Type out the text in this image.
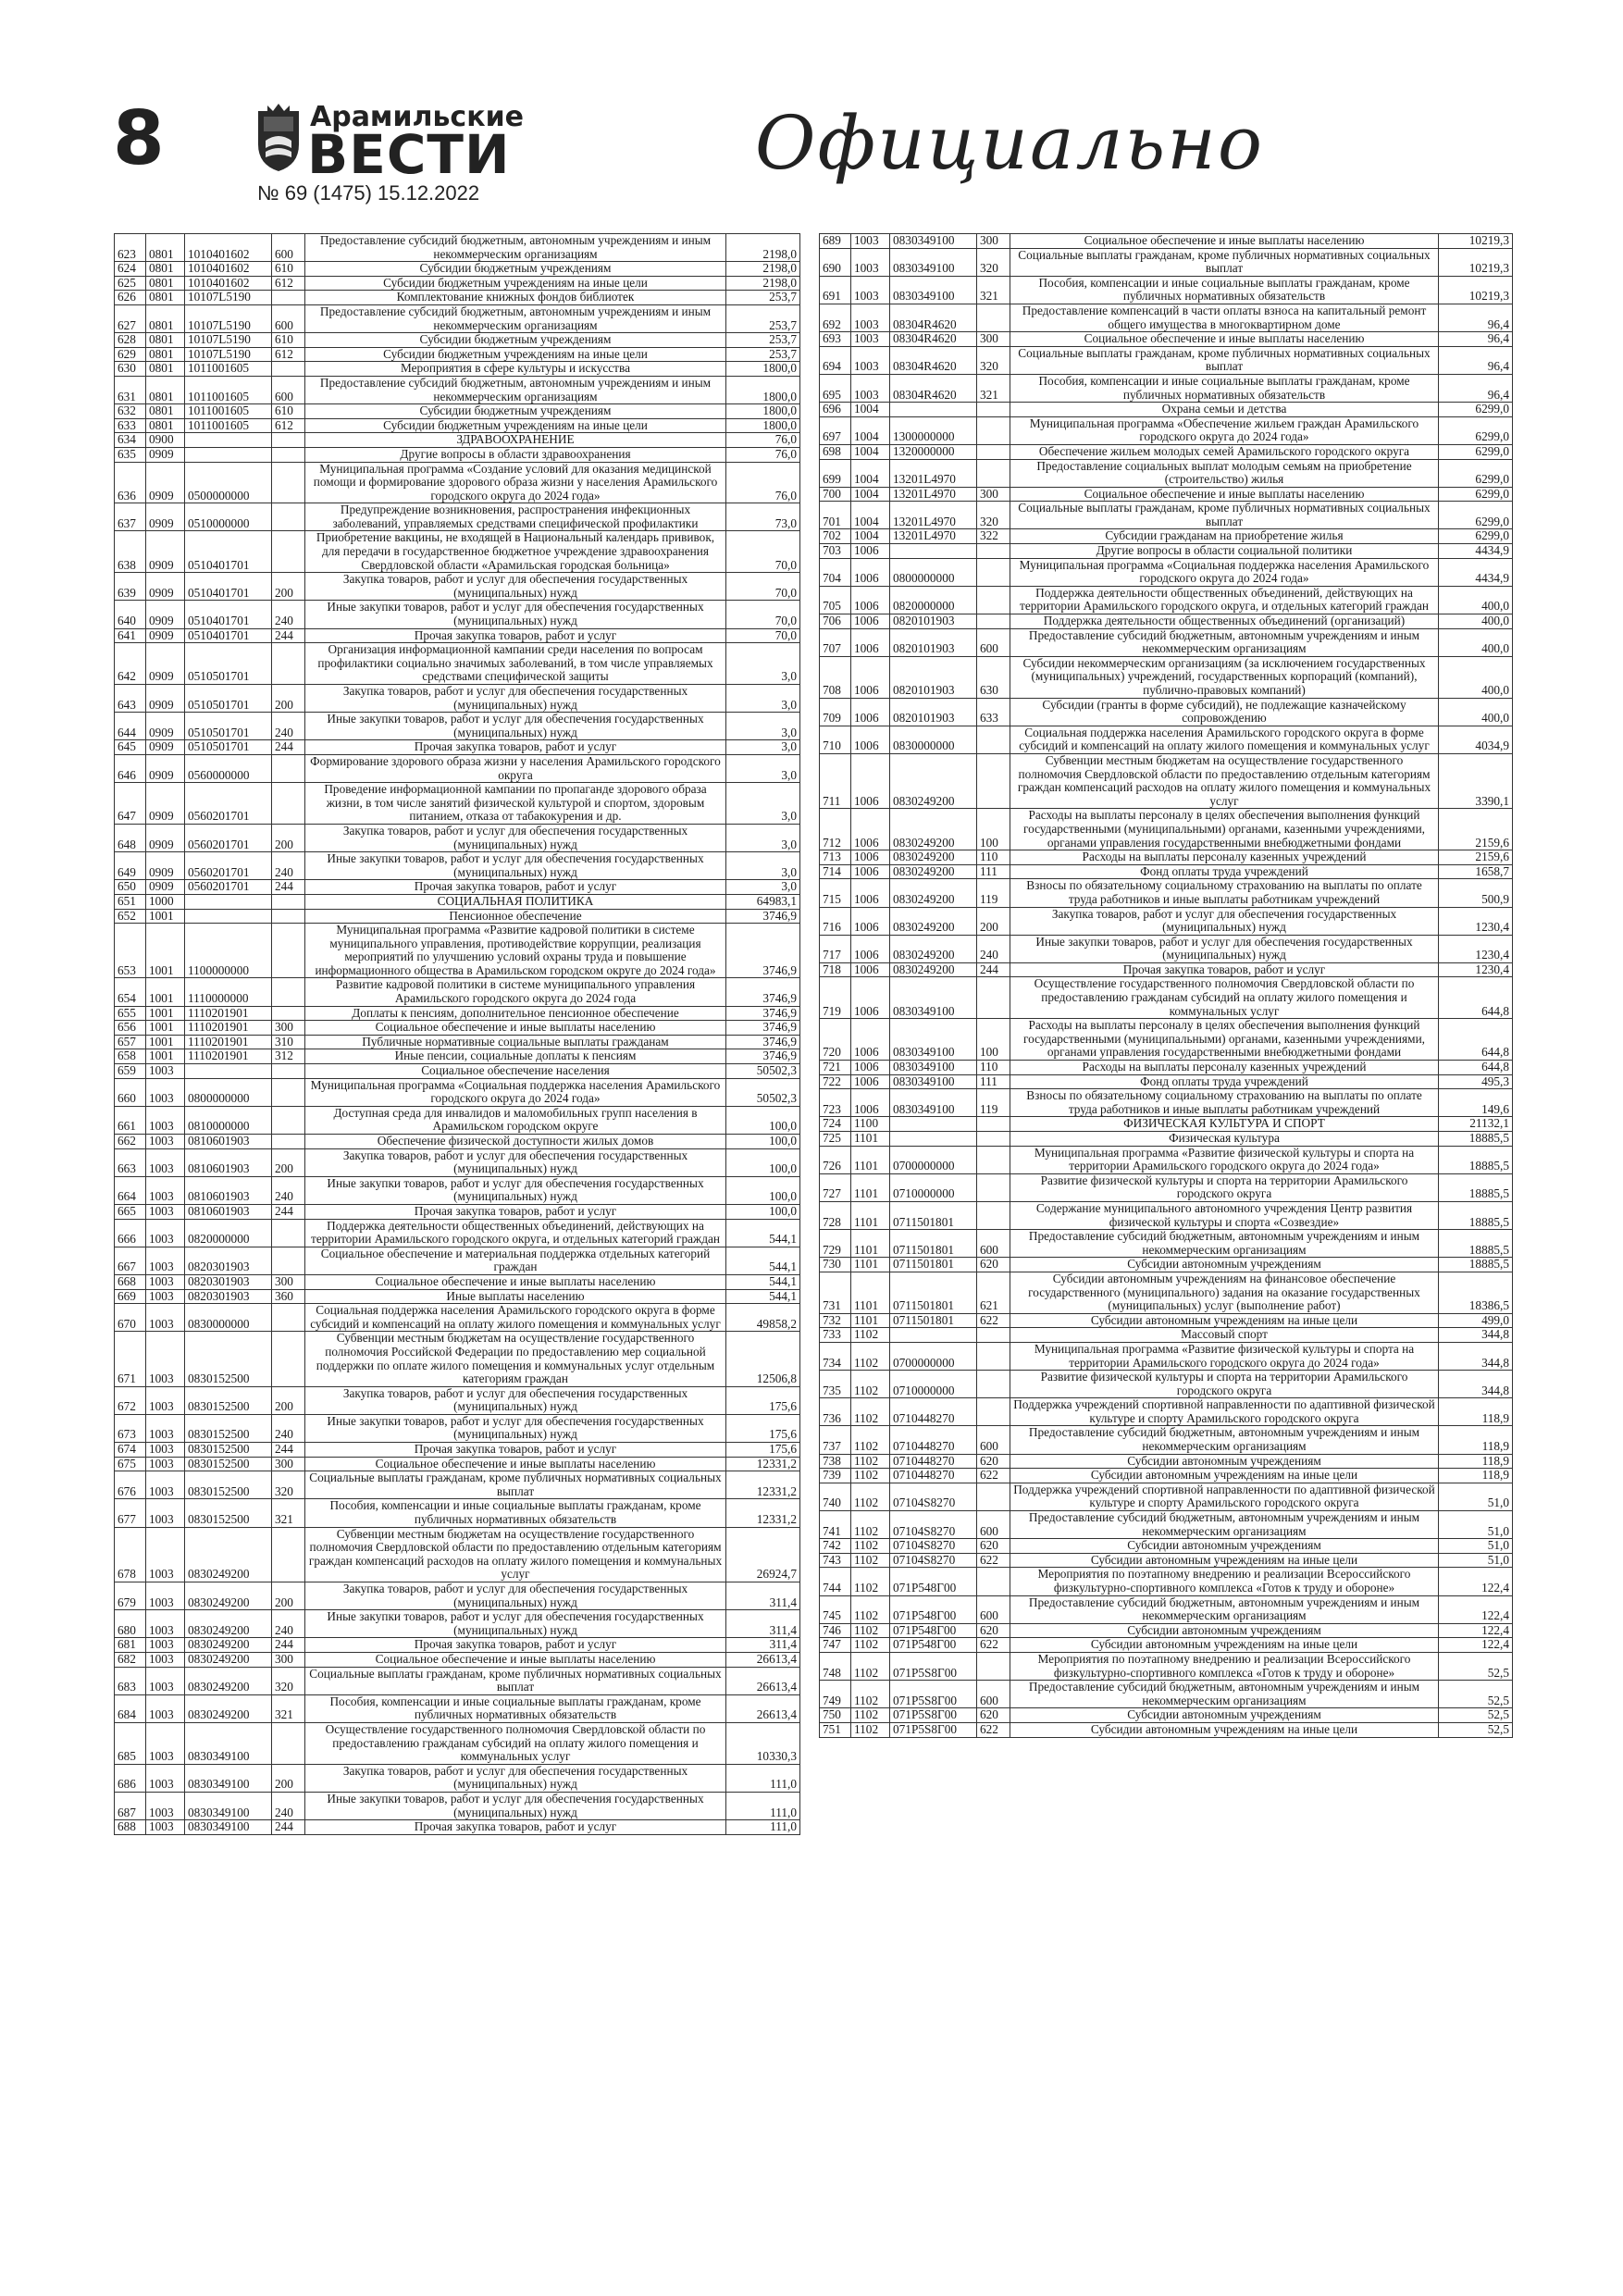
8	Арамильские
ВЕСТИ
№ 69 (1475) 15.12.2022
Официально
623	0801	1010401602	600	Предоставление субсидий бюджетным, автономным учреждениям и иным некоммерческим организациям	2198,0
624	0801	1010401602	610	Субсидии бюджетным учреждениям	2198,0
625	0801	1010401602	612	Субсидии бюджетным учреждениям на иные цели	2198,0
626	0801	10107L5190		Комплектование книжных фондов библиотек	253,7
627	0801	10107L5190	600	Предоставление субсидий бюджетным, автономным учреждениям и иным некоммерческим организациям	253,7
628	0801	10107L5190	610	Субсидии бюджетным учреждениям	253,7
629	0801	10107L5190	612	Субсидии бюджетным учреждениям на иные цели	253,7
630	0801	1011001605		Мероприятия в сфере культуры и искусства	1800,0
631	0801	1011001605	600	Предоставление субсидий бюджетным, автономным учреждениям и иным некоммерческим организациям	1800,0
632	0801	1011001605	610	Субсидии бюджетным учреждениям	1800,0
633	0801	1011001605	612	Субсидии бюджетным учреждениям на иные цели	1800,0
634	0900			ЗДРАВООХРАНЕНИЕ	76,0
635	0909			Другие вопросы в области здравоохранения	76,0
636	0909	0500000000		Муниципальная программа «Создание условий для оказания медицинской помощи и формирование здорового образа жизни у населения Арамильского городского округа до 2024 года»	76,0
637	0909	0510000000		Предупреждение возникновения, распространения инфекционных заболеваний, управляемых средствами специфической профилактики	73,0
638	0909	0510401701		Приобретение вакцины, не входящей в Национальный календарь прививок, для передачи в государственное бюджетное учреждение здравоохранения Свердловской области «Арамильская городская больница»	70,0
639	0909	0510401701	200	Закупка товаров, работ и услуг для обеспечения государственных (муниципальных) нужд	70,0
640	0909	0510401701	240	Иные закупки товаров, работ и услуг для обеспечения государственных (муниципальных) нужд	70,0
641	0909	0510401701	244	Прочая закупка товаров, работ и услуг	70,0
642	0909	0510501701		Организация информационной кампании среди населения по вопросам профилактики социально значимых заболеваний, в том числе управляемых средствами специфической защиты	3,0
643	0909	0510501701	200	Закупка товаров, работ и услуг для обеспечения государственных (муниципальных) нужд	3,0
644	0909	0510501701	240	Иные закупки товаров, работ и услуг для обеспечения государственных (муниципальных) нужд	3,0
645	0909	0510501701	244	Прочая закупка товаров, работ и услуг	3,0
646	0909	0560000000		Формирование здорового образа жизни у населения Арамильского городского округа	3,0
647	0909	0560201701		Проведение информационной кампании по пропаганде здорового образа жизни, в том числе занятий физической культурой и спортом, здоровым питанием, отказа от табакокурения и др.	3,0
648	0909	0560201701	200	Закупка товаров, работ и услуг для обеспечения государственных (муниципальных) нужд	3,0
649	0909	0560201701	240	Иные закупки товаров, работ и услуг для обеспечения государственных (муниципальных) нужд	3,0
650	0909	0560201701	244	Прочая закупка товаров, работ и услуг	3,0
651	1000			СОЦИАЛЬНАЯ ПОЛИТИКА	64983,1
652	1001			Пенсионное обеспечение	3746,9
653	1001	1100000000		Муниципальная программа «Развитие кадровой политики в системе муниципального управления, противодействие коррупции, реализация мероприятий по улучшению условий охраны труда и повышение информационного общества в Арамильском городском округе до 2024 года»	3746,9
654	1001	1110000000		Развитие кадровой политики в системе муниципального управления Арамильского городского округа до 2024 года	3746,9
655	1001	1110201901		Доплаты к пенсиям, дополнительное пенсионное обеспечение	3746,9
656	1001	1110201901	300	Социальное обеспечение и иные выплаты населению	3746,9
657	1001	1110201901	310	Публичные нормативные социальные выплаты гражданам	3746,9
658	1001	1110201901	312	Иные пенсии, социальные доплаты к пенсиям	3746,9
659	1003			Социальное обеспечение населения	50502,3
660	1003	0800000000		Муниципальная программа «Социальная поддержка населения Арамильского городского округа до 2024 года»	50502,3
661	1003	0810000000		Доступная среда для инвалидов и маломобильных групп населения в Арамильском городском округе	100,0
662	1003	0810601903		Обеспечение физической доступности жилых домов	100,0
663	1003	0810601903	200	Закупка товаров, работ и услуг для обеспечения государственных (муниципальных) нужд	100,0
664	1003	0810601903	240	Иные закупки товаров, работ и услуг для обеспечения государственных (муниципальных) нужд	100,0
665	1003	0810601903	244	Прочая закупка товаров, работ и услуг	100,0
666	1003	0820000000		Поддержка деятельности общественных объединений, действующих на территории Арамильского городского округа, и отдельных категорий граждан	544,1
667	1003	0820301903		Социальное обеспечение и материальная поддержка отдельных категорий граждан	544,1
668	1003	0820301903	300	Социальное обеспечение и иные выплаты населению	544,1
669	1003	0820301903	360	Иные выплаты населению	544,1
670	1003	0830000000		Социальная поддержка населения Арамильского городского округа в форме субсидий и компенсаций на оплату жилого помещения и коммунальных услуг	49858,2
671	1003	0830152500		Субвенции местным бюджетам на осуществление государственного полномочия Российской Федерации по предоставлению мер социальной поддержки по оплате жилого помещения и коммунальных услуг отдельным категориям граждан	12506,8
672	1003	0830152500	200	Закупка товаров, работ и услуг для обеспечения государственных (муниципальных) нужд	175,6
673	1003	0830152500	240	Иные закупки товаров, работ и услуг для обеспечения государственных (муниципальных) нужд	175,6
674	1003	0830152500	244	Прочая закупка товаров, работ и услуг	175,6
675	1003	0830152500	300	Социальное обеспечение и иные выплаты населению	12331,2
676	1003	0830152500	320	Социальные выплаты гражданам, кроме публичных нормативных социальных выплат	12331,2
677	1003	0830152500	321	Пособия, компенсации и иные социальные выплаты гражданам, кроме публичных нормативных обязательств	12331,2
678	1003	0830249200		Субвенции местным бюджетам на осуществление государственного полномочия Свердловской области по предоставлению отдельным категориям граждан компенсаций расходов на оплату жилого помещения и коммунальных услуг	26924,7
679	1003	0830249200	200	Закупка товаров, работ и услуг для обеспечения государственных (муниципальных) нужд	311,4
680	1003	0830249200	240	Иные закупки товаров, работ и услуг для обеспечения государственных (муниципальных) нужд	311,4
681	1003	0830249200	244	Прочая закупка товаров, работ и услуг	311,4
682	1003	0830249200	300	Социальное обеспечение и иные выплаты населению	26613,4
683	1003	0830249200	320	Социальные выплаты гражданам, кроме публичных нормативных социальных выплат	26613,4
684	1003	0830249200	321	Пособия, компенсации и иные социальные выплаты гражданам, кроме публичных нормативных обязательств	26613,4
685	1003	0830349100		Осуществление государственного полномочия Свердловской области по предоставлению гражданам субсидий на оплату жилого помещения и коммунальных услуг	10330,3
686	1003	0830349100	200	Закупка товаров, работ и услуг для обеспечения государственных (муниципальных) нужд	111,0
687	1003	0830349100	240	Иные закупки товаров, работ и услуг для обеспечения государственных (муниципальных) нужд	111,0
688	1003	0830349100	244	Прочая закупка товаров, работ и услуг	111,0
689	1003	0830349100	300	Социальное обеспечение и иные выплаты населению	10219,3
690	1003	0830349100	320	Социальные выплаты гражданам, кроме публичных нормативных социальных выплат	10219,3
691	1003	0830349100	321	Пособия, компенсации и иные социальные выплаты гражданам, кроме публичных нормативных обязательств	10219,3
692	1003	08304R4620		Предоставление компенсаций в части оплаты взноса на капитальный ремонт общего имущества в многоквартирном доме	96,4
693	1003	08304R4620	300	Социальное обеспечение и иные выплаты населению	96,4
694	1003	08304R4620	320	Социальные выплаты гражданам, кроме публичных нормативных социальных выплат	96,4
695	1003	08304R4620	321	Пособия, компенсации и иные социальные выплаты гражданам, кроме публичных нормативных обязательств	96,4
696	1004			Охрана семьи и детства	6299,0
697	1004	1300000000		Муниципальная программа «Обеспечение жильем граждан Арамильского городского округа до 2024 года»	6299,0
698	1004	1320000000		Обеспечение жильем молодых семей Арамильского городского округа	6299,0
699	1004	13201L4970		Предоставление социальных выплат молодым семьям на приобретение (строительство) жилья	6299,0
700	1004	13201L4970	300	Социальное обеспечение и иные выплаты населению	6299,0
701	1004	13201L4970	320	Социальные выплаты гражданам, кроме публичных нормативных социальных выплат	6299,0
702	1004	13201L4970	322	Субсидии гражданам на приобретение жилья	6299,0
703	1006			Другие вопросы в области социальной политики	4434,9
704	1006	0800000000		Муниципальная программа «Социальная поддержка населения Арамильского городского округа до 2024 года»	4434,9
705	1006	0820000000		Поддержка деятельности общественных объединений, действующих на территории Арамильского городского округа, и отдельных категорий граждан	400,0
706	1006	0820101903		Поддержка деятельности общественных объединений (организаций)	400,0
707	1006	0820101903	600	Предоставление субсидий бюджетным, автономным учреждениям и иным некоммерческим организациям	400,0
708	1006	0820101903	630	Субсидии некоммерческим организациям (за исключением государственных (муниципальных) учреждений, государственных корпораций (компаний), публично-правовых компаний)	400,0
709	1006	0820101903	633	Субсидии (гранты в форме субсидий), не подлежащие казначейскому сопровождению	400,0
710	1006	0830000000		Социальная поддержка населения Арамильского городского округа в форме субсидий и компенсаций на оплату жилого помещения и коммунальных услуг	4034,9
711	1006	0830249200		Субвенции местным бюджетам на осуществление государственного полномочия Свердловской области по предоставлению отдельным категориям граждан компенсаций расходов на оплату жилого помещения и коммунальных услуг	3390,1
712	1006	0830249200	100	Расходы на выплаты персоналу в целях обеспечения выполнения функций государственными (муниципальными) органами, казенными учреждениями, органами управления государственными внебюджетными фондами	2159,6
713	1006	0830249200	110	Расходы на выплаты персоналу казенных учреждений	2159,6
714	1006	0830249200	111	Фонд оплаты труда учреждений	1658,7
715	1006	0830249200	119	Взносы по обязательному социальному страхованию на выплаты по оплате труда работников и иные выплаты работникам учреждений	500,9
716	1006	0830249200	200	Закупка товаров, работ и услуг для обеспечения государственных (муниципальных) нужд	1230,4
717	1006	0830249200	240	Иные закупки товаров, работ и услуг для обеспечения государственных (муниципальных) нужд	1230,4
718	1006	0830249200	244	Прочая закупка товаров, работ и услуг	1230,4
719	1006	0830349100		Осуществление государственного полномочия Свердловской области по предоставлению гражданам субсидий на оплату жилого помещения и коммунальных услуг	644,8
720	1006	0830349100	100	Расходы на выплаты персоналу в целях обеспечения выполнения функций государственными (муниципальными) органами, казенными учреждениями, органами управления государственными внебюджетными фондами	644,8
721	1006	0830349100	110	Расходы на выплаты персоналу казенных учреждений	644,8
722	1006	0830349100	111	Фонд оплаты труда учреждений	495,3
723	1006	0830349100	119	Взносы по обязательному социальному страхованию на выплаты по оплате труда работников и иные выплаты работникам учреждений	149,6
724	1100			ФИЗИЧЕСКАЯ КУЛЬТУРА И СПОРТ	21132,1
725	1101			Физическая культура	18885,5
726	1101	0700000000		Муниципальная программа «Развитие физической культуры и спорта на территории Арамильского городского округа до 2024 года»	18885,5
727	1101	0710000000		Развитие физической культуры и спорта на территории Арамильского городского округа	18885,5
728	1101	0711501801		Содержание муниципального автономного учреждения Центр развития физической культуры и спорта «Созвездие»	18885,5
729	1101	0711501801	600	Предоставление субсидий бюджетным, автономным учреждениям и иным некоммерческим организациям	18885,5
730	1101	0711501801	620	Субсидии автономным учреждениям	18885,5
731	1101	0711501801	621	Субсидии автономным учреждениям на финансовое обеспечение государственного (муниципального) задания на оказание государственных (муниципальных) услуг (выполнение работ)	18386,5
732	1101	0711501801	622	Субсидии автономным учреждениям на иные цели	499,0
733	1102			Массовый спорт	344,8
734	1102	0700000000		Муниципальная программа «Развитие физической культуры и спорта на территории Арамильского городского округа до 2024 года»	344,8
735	1102	0710000000		Развитие физической культуры и спорта на территории Арамильского городского округа	344,8
736	1102	0710448270		Поддержка учреждений спортивной направленности по адаптивной физической культуре и спорту Арамильского городского округа	118,9
737	1102	0710448270	600	Предоставление субсидий бюджетным, автономным учреждениям и иным некоммерческим организациям	118,9
738	1102	0710448270	620	Субсидии автономным учреждениям	118,9
739	1102	0710448270	622	Субсидии автономным учреждениям на иные цели	118,9
740	1102	07104S8270		Поддержка учреждений спортивной направленности по адаптивной физической культуре и спорту Арамильского городского округа	51,0
741	1102	07104S8270	600	Предоставление субсидий бюджетным, автономным учреждениям и иным некоммерческим организациям	51,0
742	1102	07104S8270	620	Субсидии автономным учреждениям	51,0
743	1102	07104S8270	622	Субсидии автономным учреждениям на иные цели	51,0
744	1102	071P548Г00		Мероприятия по поэтапному внедрению и реализации Всероссийского физкультурно-спортивного комплекса «Готов к труду и обороне»	122,4
745	1102	071P548Г00	600	Предоставление субсидий бюджетным, автономным учреждениям и иным некоммерческим организациям	122,4
746	1102	071P548Г00	620	Субсидии автономным учреждениям	122,4
747	1102	071P548Г00	622	Субсидии автономным учреждениям на иные цели	122,4
748	1102	071P5S8Г00		Мероприятия по поэтапному внедрению и реализации Всероссийского физкультурно-спортивного комплекса «Готов к труду и обороне»	52,5
749	1102	071P5S8Г00	600	Предоставление субсидий бюджетным, автономным учреждениям и иным некоммерческим организациям	52,5
750	1102	071P5S8Г00	620	Субсидии автономным учреждениям	52,5
751	1102	071P5S8Г00	622	Субсидии автономным учреждениям на иные цели	52,5
